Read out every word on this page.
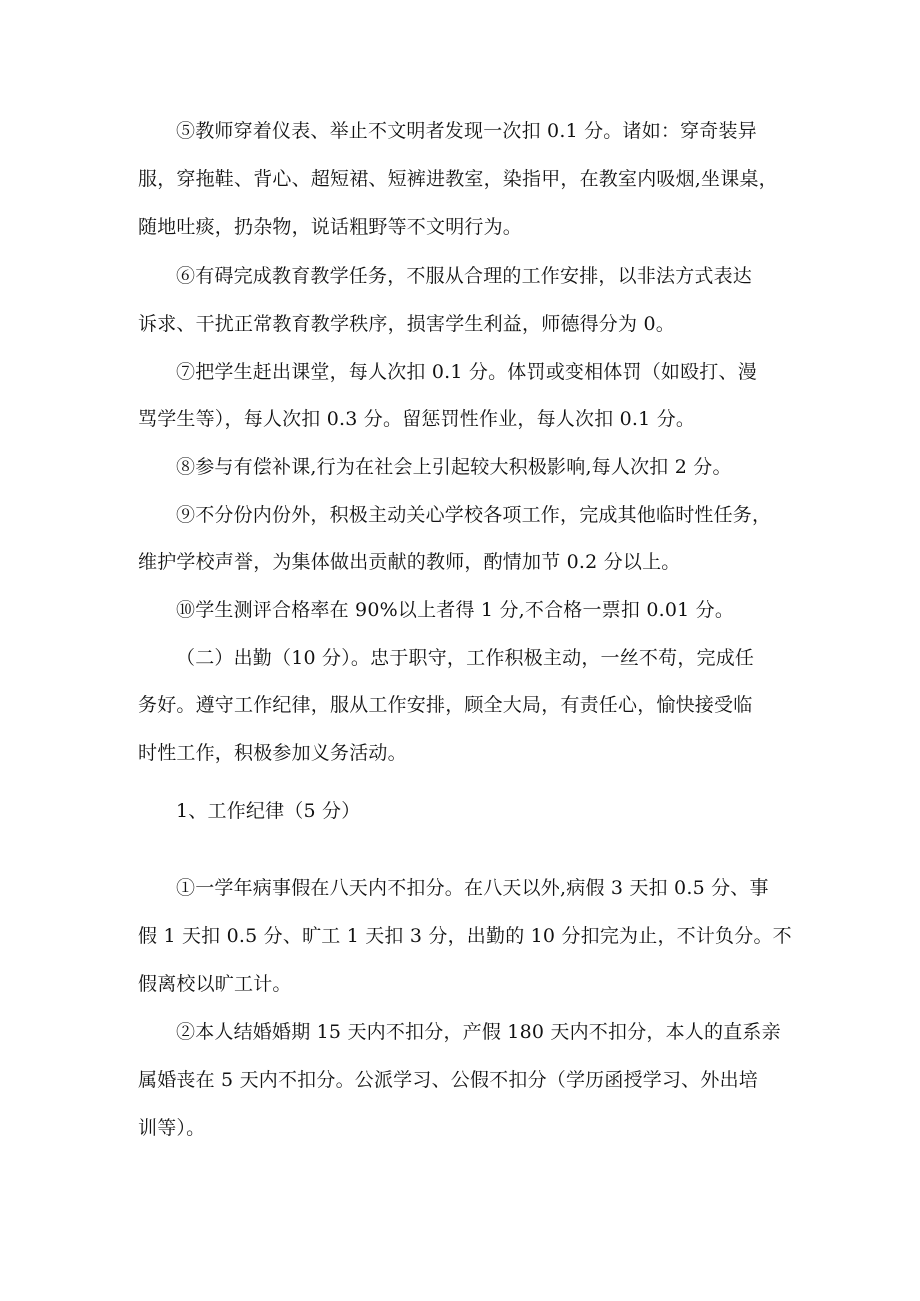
⑤教师穿着仪表、举止不文明者发现一次扣 0.1 分。诸如：穿奇装异
服，穿拖鞋、背心、超短裙、短裤进教室，染指甲，在教室内吸烟,坐课桌，
随地吐痰，扔杂物，说话粗野等不文明行为。
⑥有碍完成教育教学任务，不服从合理的工作安排，以非法方式表达
诉求、干扰正常教育教学秩序，损害学生利益，师德得分为 0。
⑦把学生赶出课堂，每人次扣 0.1 分。体罚或变相体罚（如殴打、漫
骂学生等），每人次扣 0.3 分。留惩罚性作业，每人次扣 0.1 分。
⑧参与有偿补课,行为在社会上引起较大积极影响,每人次扣 2 分。
⑨不分份内份外，积极主动关心学校各项工作，完成其他临时性任务，
维护学校声誉，为集体做出贡献的教师，酌情加节 0.2 分以上。
⑩学生测评合格率在 90%以上者得 1 分,不合格一票扣 0.01 分。
（二）出勤（10 分）。忠于职守，工作积极主动，一丝不苟，完成任
务好。遵守工作纪律，服从工作安排，顾全大局，有责任心，愉快接受临
时性工作，积极参加义务活动。
1、工作纪律（5 分）
①一学年病事假在八天内不扣分。在八天以外,病假 3 天扣 0.5 分、事
假 1 天扣 0.5 分、旷工 1 天扣 3 分，出勤的 10 分扣完为止，不计负分。不
假离校以旷工计。
②本人结婚婚期 15 天内不扣分，产假 180 天内不扣分，本人的直系亲
属婚丧在 5 天内不扣分。公派学习、公假不扣分（学历函授学习、外出培
训等）。
